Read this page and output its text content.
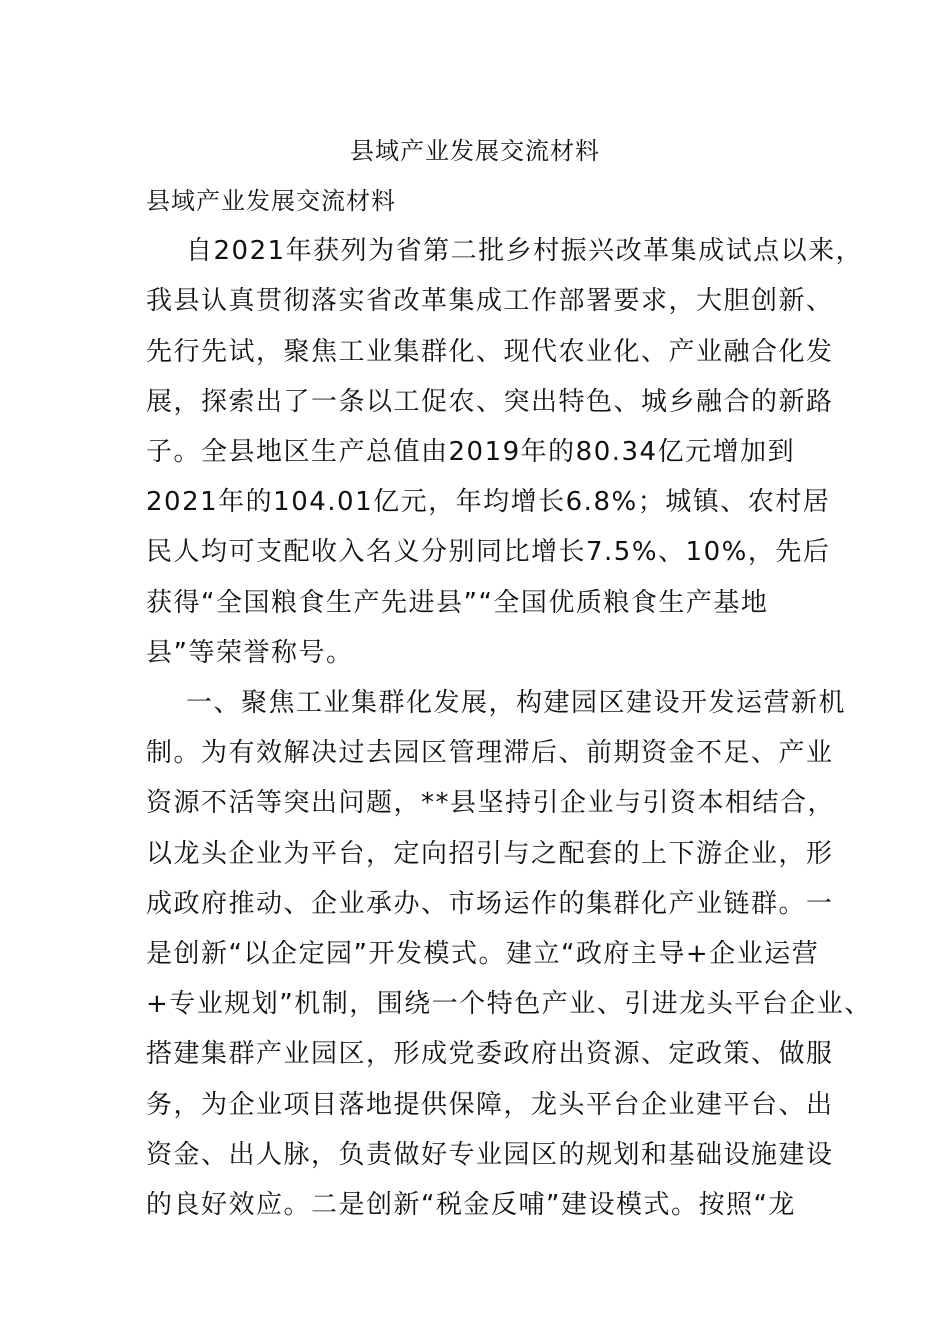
县域产业发展交流材料
县域产业发展交流材料
自2021年获列为省第二批乡村振兴改革集成试点以来，
我县认真贯彻落实省改革集成工作部署要求，大胆创新、
先行先试，聚焦工业集群化、现代农业化、产业融合化发
展，探索出了一条以工促农、突出特色、城乡融合的新路
子。全县地区生产总值由2019年的80.34亿元增加到
2021年的104.01亿元，年均增长6.8%；城镇、农村居
民人均可支配收入名义分别同比增长7.5%、10%，先后
获得“全国粮食生产先进县”“全国优质粮食生产基地
县”等荣誉称号。
一、聚焦工业集群化发展，构建园区建设开发运营新机
制。为有效解决过去园区管理滞后、前期资金不足、产业
资源不活等突出问题，**县坚持引企业与引资本相结合，
以龙头企业为平台，定向招引与之配套的上下游企业，形
成政府推动、企业承办、市场运作的集群化产业链群。一
是创新“以企定园”开发模式。建立“政府主导+企业运营
+专业规划”机制，围绕一个特色产业、引进龙头平台企业、
搭建集群产业园区，形成党委政府出资源、定政策、做服
务，为企业项目落地提供保障，龙头平台企业建平台、出
资金、出人脉，负责做好专业园区的规划和基础设施建设
的良好效应。二是创新“税金反哺”建设模式。按照“龙
